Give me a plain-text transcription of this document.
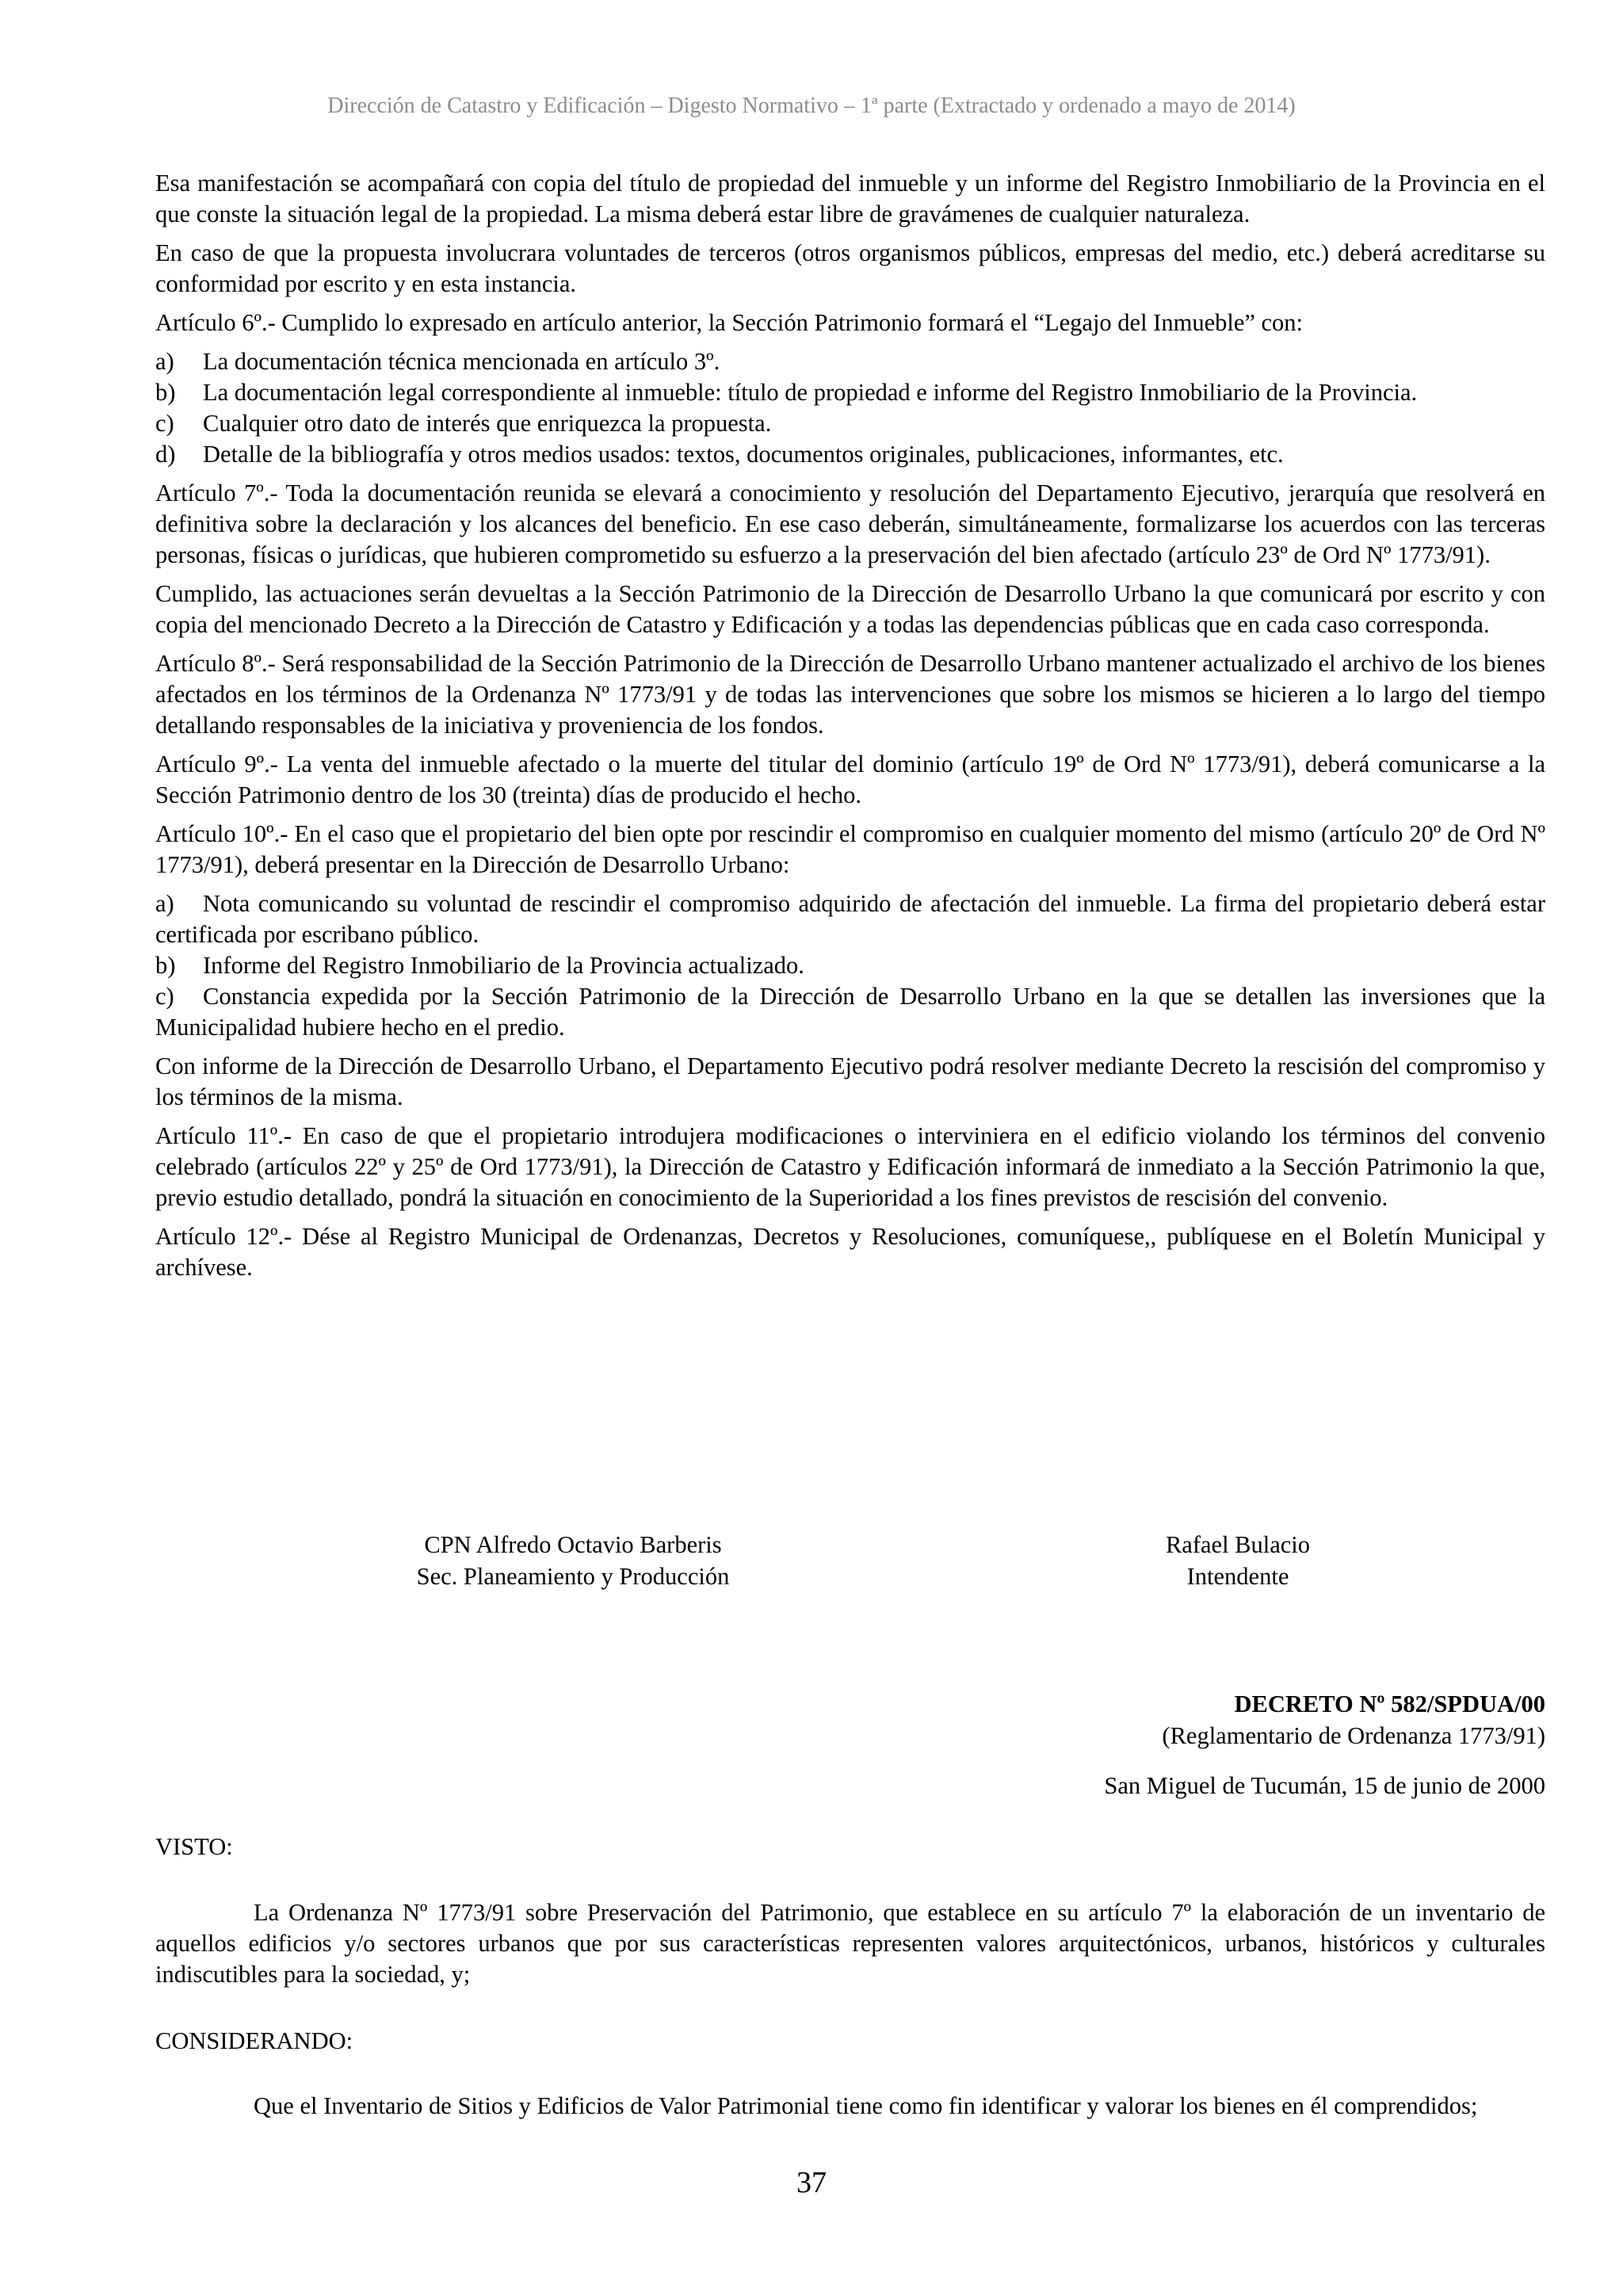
Dirección de Catastro y Edificación – Digesto Normativo – 1ª parte (Extractado y ordenado a mayo de 2014)

Esa manifestación se acompañará con copia del título de propiedad del inmueble y un informe del Registro Inmobiliario de la Provincia en el que conste la situación legal de la propiedad. La misma deberá estar libre de gravámenes de cualquier naturaleza.

En caso de que la propuesta involucrara voluntades de terceros (otros organismos públicos, empresas del medio, etc.) deberá acreditarse su conformidad por escrito y en esta instancia.

Artículo 6º.- Cumplido lo expresado en artículo anterior, la Sección Patrimonio formará el “Legajo del Inmueble” con:

a) La documentación técnica mencionada en artículo 3º.

b) La documentación legal correspondiente al inmueble: título de propiedad e informe del Registro Inmobiliario de la Provincia.

c) Cualquier otro dato de interés que enriquezca la propuesta.

d) Detalle de la bibliografía y otros medios usados: textos, documentos originales, publicaciones, informantes, etc.

Artículo 7º.- Toda la documentación reunida se elevará a conocimiento y resolución del Departamento Ejecutivo, jerarquía que resolverá en definitiva sobre la declaración y los alcances del beneficio. En ese caso deberán, simultáneamente, formalizarse los acuerdos con las terceras personas, físicas o jurídicas, que hubieren comprometido su esfuerzo a la preservación del bien afectado (artículo 23º de Ord Nº 1773/91).

Cumplido, las actuaciones serán devueltas a la Sección Patrimonio de la Dirección de Desarrollo Urbano la que comunicará por escrito y con copia del mencionado Decreto a la Dirección de Catastro y Edificación y a todas las dependencias públicas que en cada caso corresponda.

Artículo 8º.- Será responsabilidad de la Sección Patrimonio de la Dirección de Desarrollo Urbano mantener actualizado el archivo de los bienes afectados en los términos de la Ordenanza Nº 1773/91 y de todas las intervenciones que sobre los mismos se hicieren a lo largo del tiempo detallando responsables de la iniciativa y proveniencia de los fondos.

Artículo 9º.- La venta del inmueble afectado o la muerte del titular del dominio (artículo 19º de Ord Nº 1773/91), deberá comunicarse a la Sección Patrimonio dentro de los 30 (treinta) días de producido el hecho.

Artículo 10º.- En el caso que el propietario del bien opte por rescindir el compromiso en cualquier momento del mismo (artículo 20º de Ord Nº 1773/91), deberá presentar en la Dirección de Desarrollo Urbano:

a) Nota comunicando su voluntad de rescindir el compromiso adquirido de afectación del inmueble. La firma del propietario deberá estar certificada por escribano público.

b) Informe del Registro Inmobiliario de la Provincia actualizado.

c) Constancia expedida por la Sección Patrimonio de la Dirección de Desarrollo Urbano en la que se detallen las inversiones que la Municipalidad hubiere hecho en el predio.

Con informe de la Dirección de Desarrollo Urbano, el Departamento Ejecutivo podrá resolver mediante Decreto la rescisión del compromiso y los términos de la misma.

Artículo 11º.- En caso de que el propietario introdujera modificaciones o interviniera en el edificio violando los términos del convenio celebrado (artículos 22º y 25º de Ord 1773/91), la Dirección de Catastro y Edificación informará de inmediato a la Sección Patrimonio la que, previo estudio detallado, pondrá la situación en conocimiento de la Superioridad a los fines previstos de rescisión del convenio.

Artículo 12º.- Dése al Registro Municipal de Ordenanzas, Decretos y Resoluciones, comuníquese,, publíquese en el Boletín Municipal y archívese.

CPN Alfredo Octavio Barberis
Sec. Planeamiento y Producción
Rafael Bulacio
Intendente
DECRETO Nº 582/SPDUA/00
(Reglamentario de Ordenanza 1773/91)
San Miguel de Tucumán, 15 de junio de 2000
VISTO:

La Ordenanza Nº 1773/91 sobre Preservación del Patrimonio, que establece en su artículo 7º la elaboración de un inventario de aquellos edificios y/o sectores urbanos que por sus características representen valores arquitectónicos, urbanos, históricos y culturales indiscutibles para la sociedad, y;

CONSIDERANDO:

Que el Inventario de Sitios y Edificios de Valor Patrimonial tiene como fin identificar y valorar los bienes en él comprendidos;

37
